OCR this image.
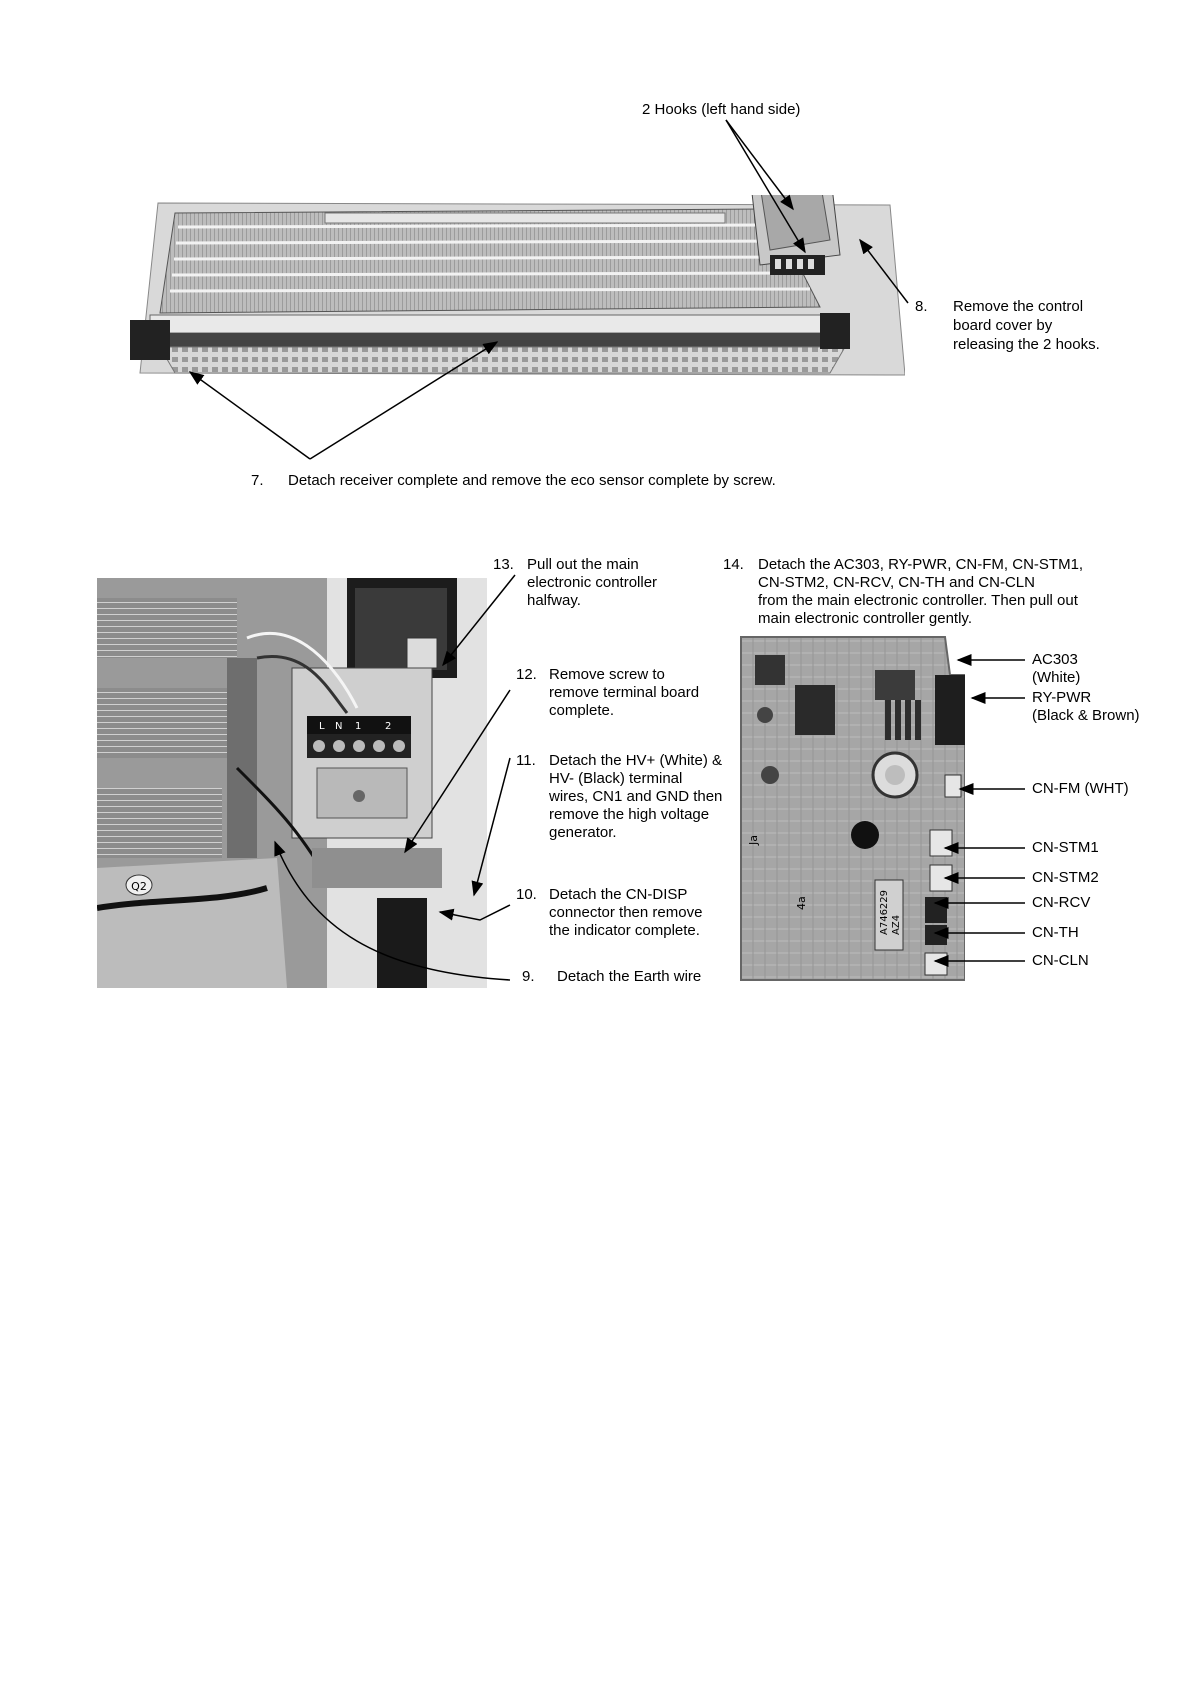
2 Hooks (left hand side)
8. Remove the control
board cover by
releasing the 2 hooks.
7. Detach receiver complete and remove the eco sensor complete by screw.
Q2
L N 1 2
A746229 AZ4
Ja
4a
13. Pull out the main
electronic controller
halfway.
12. Remove screw to
remove terminal board
complete.
11. Detach the HV+ (White) &
HV- (Black) terminal
wires, CN1 and GND then
remove the high voltage
generator.
10. Detach the CN-DISP
connector then remove
the indicator complete.
9. Detach the Earth wire
14. Detach the AC303, RY-PWR, CN-FM, CN-STM1,
CN-STM2, CN-RCV, CN-TH and CN-CLN
from the main electronic controller. Then pull out
main electronic controller gently.
AC303
(White)
RY-PWR
(Black & Brown)
CN-FM (WHT)
CN-STM1
CN-STM2
CN-RCV
CN-TH
CN-CLN
